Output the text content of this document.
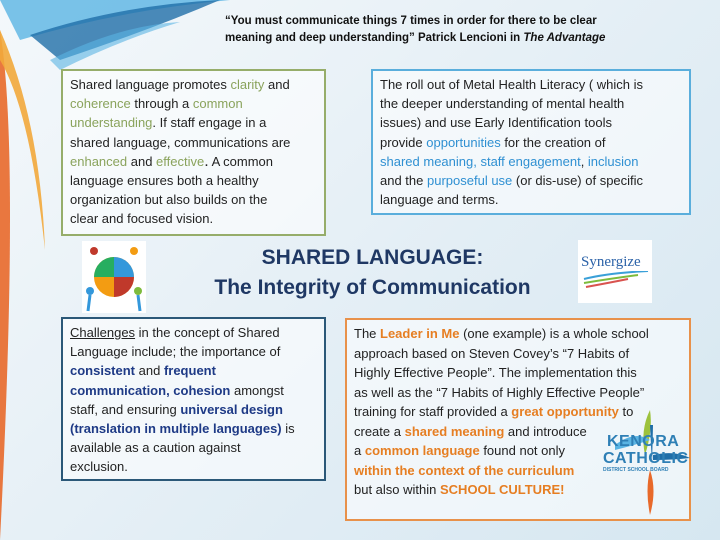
“You must communicate things 7 times in order for there to be clear
meaning and deep understanding” Patrick Lencioni in The Advantage
Shared language promotes clarity and
coherence through a common
understanding. If staff engage in a
shared language, communications are
enhanced and effective. A common
language ensures both a healthy
organization but also builds on the
clear and focused vision.
The roll out of Metal Health Literacy ( which is
the deeper understanding of mental health
issues) and use Early Identification tools
provide opportunities for the creation of
shared meaning, staff engagement, inclusion
and the purposeful use (or dis-use) of specific
language and terms.
Challenges in the concept of Shared
Language include; the importance of
consistent and frequent
communication, cohesion amongst
staff, and ensuring universal design
(translation in multiple languages) is
available as a caution against
exclusion.
The Leader in Me (one example) is a whole school
approach based on Steven Covey’s “7 Habits of
Highly Effective People”. The implementation this
as well as the “7 Habits of Highly Effective People”
training for staff provided a great opportunity to
create a shared meaning and introduce
a common language found not only
within the context of the curriculum
but also within SCHOOL CULTURE!
SHARED LANGUAGE:
The Integrity of Communication
Synergize
KENORA
CATHOLIC
DISTRICT SCHOOL BOARD
